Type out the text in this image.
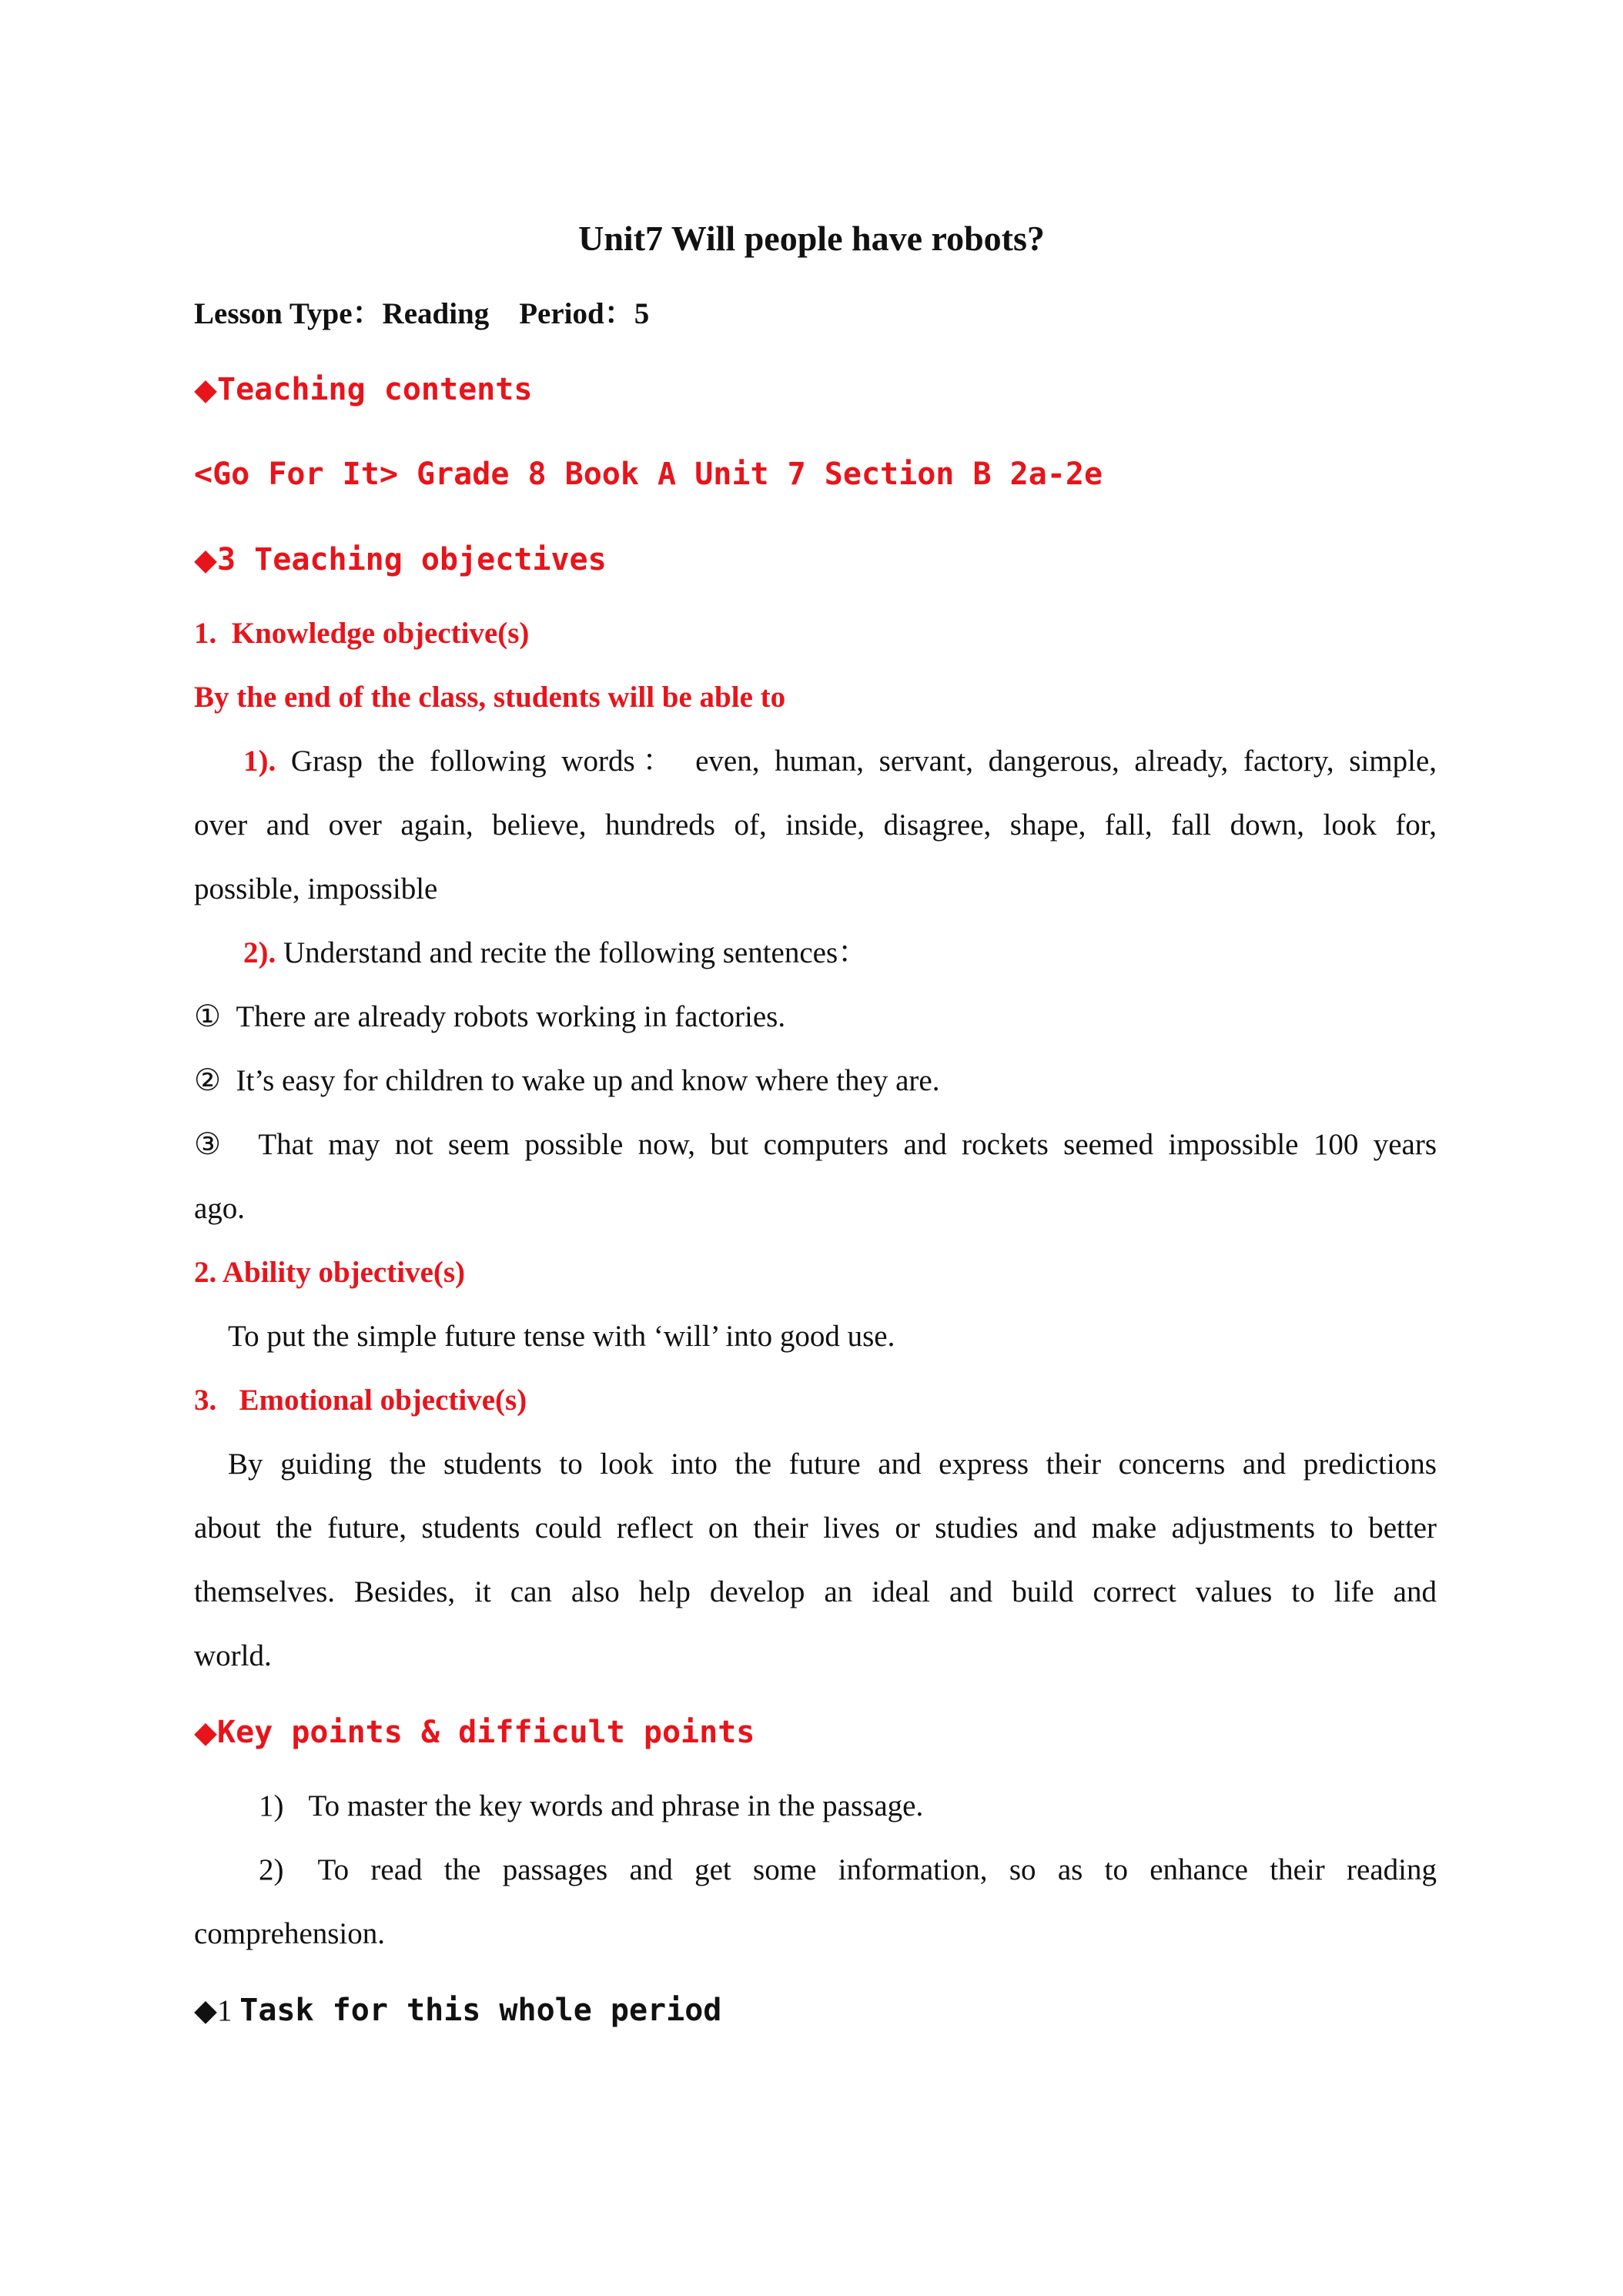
Unit7 Will people have robots?
Lesson Type：Reading    Period：5
◆Teaching contents
<Go For It> Grade 8 Book A Unit 7 Section B 2a-2e
◆3 Teaching objectives
1.  Knowledge objective(s)
By the end of the class, students will be able to
1). Grasp the following words： even, human, servant, dangerous, already, factory, simple,
over and over again, believe, hundreds of, inside, disagree, shape, fall, fall down, look for,
possible, impossible
2). Understand and recite the following sentences：
① There are already robots working in factories.
② It’s easy for children to wake up and know where they are.
③ That may not seem possible now, but computers and rockets seemed impossible 100 years
ago.
2. Ability objective(s)
To put the simple future tense with ‘will’ into good use.
3.   Emotional objective(s)
By guiding the students to look into the future and express their concerns and predictions
about the future, students could reflect on their lives or studies and make adjustments to better
themselves. Besides, it can also help develop an ideal and build correct values to life and
world.
◆Key points & difficult points
1) To master the key words and phrase in the passage.
2) To read the passages and get some information, so as to enhance their reading
comprehension.
◆1 Task for this whole period
